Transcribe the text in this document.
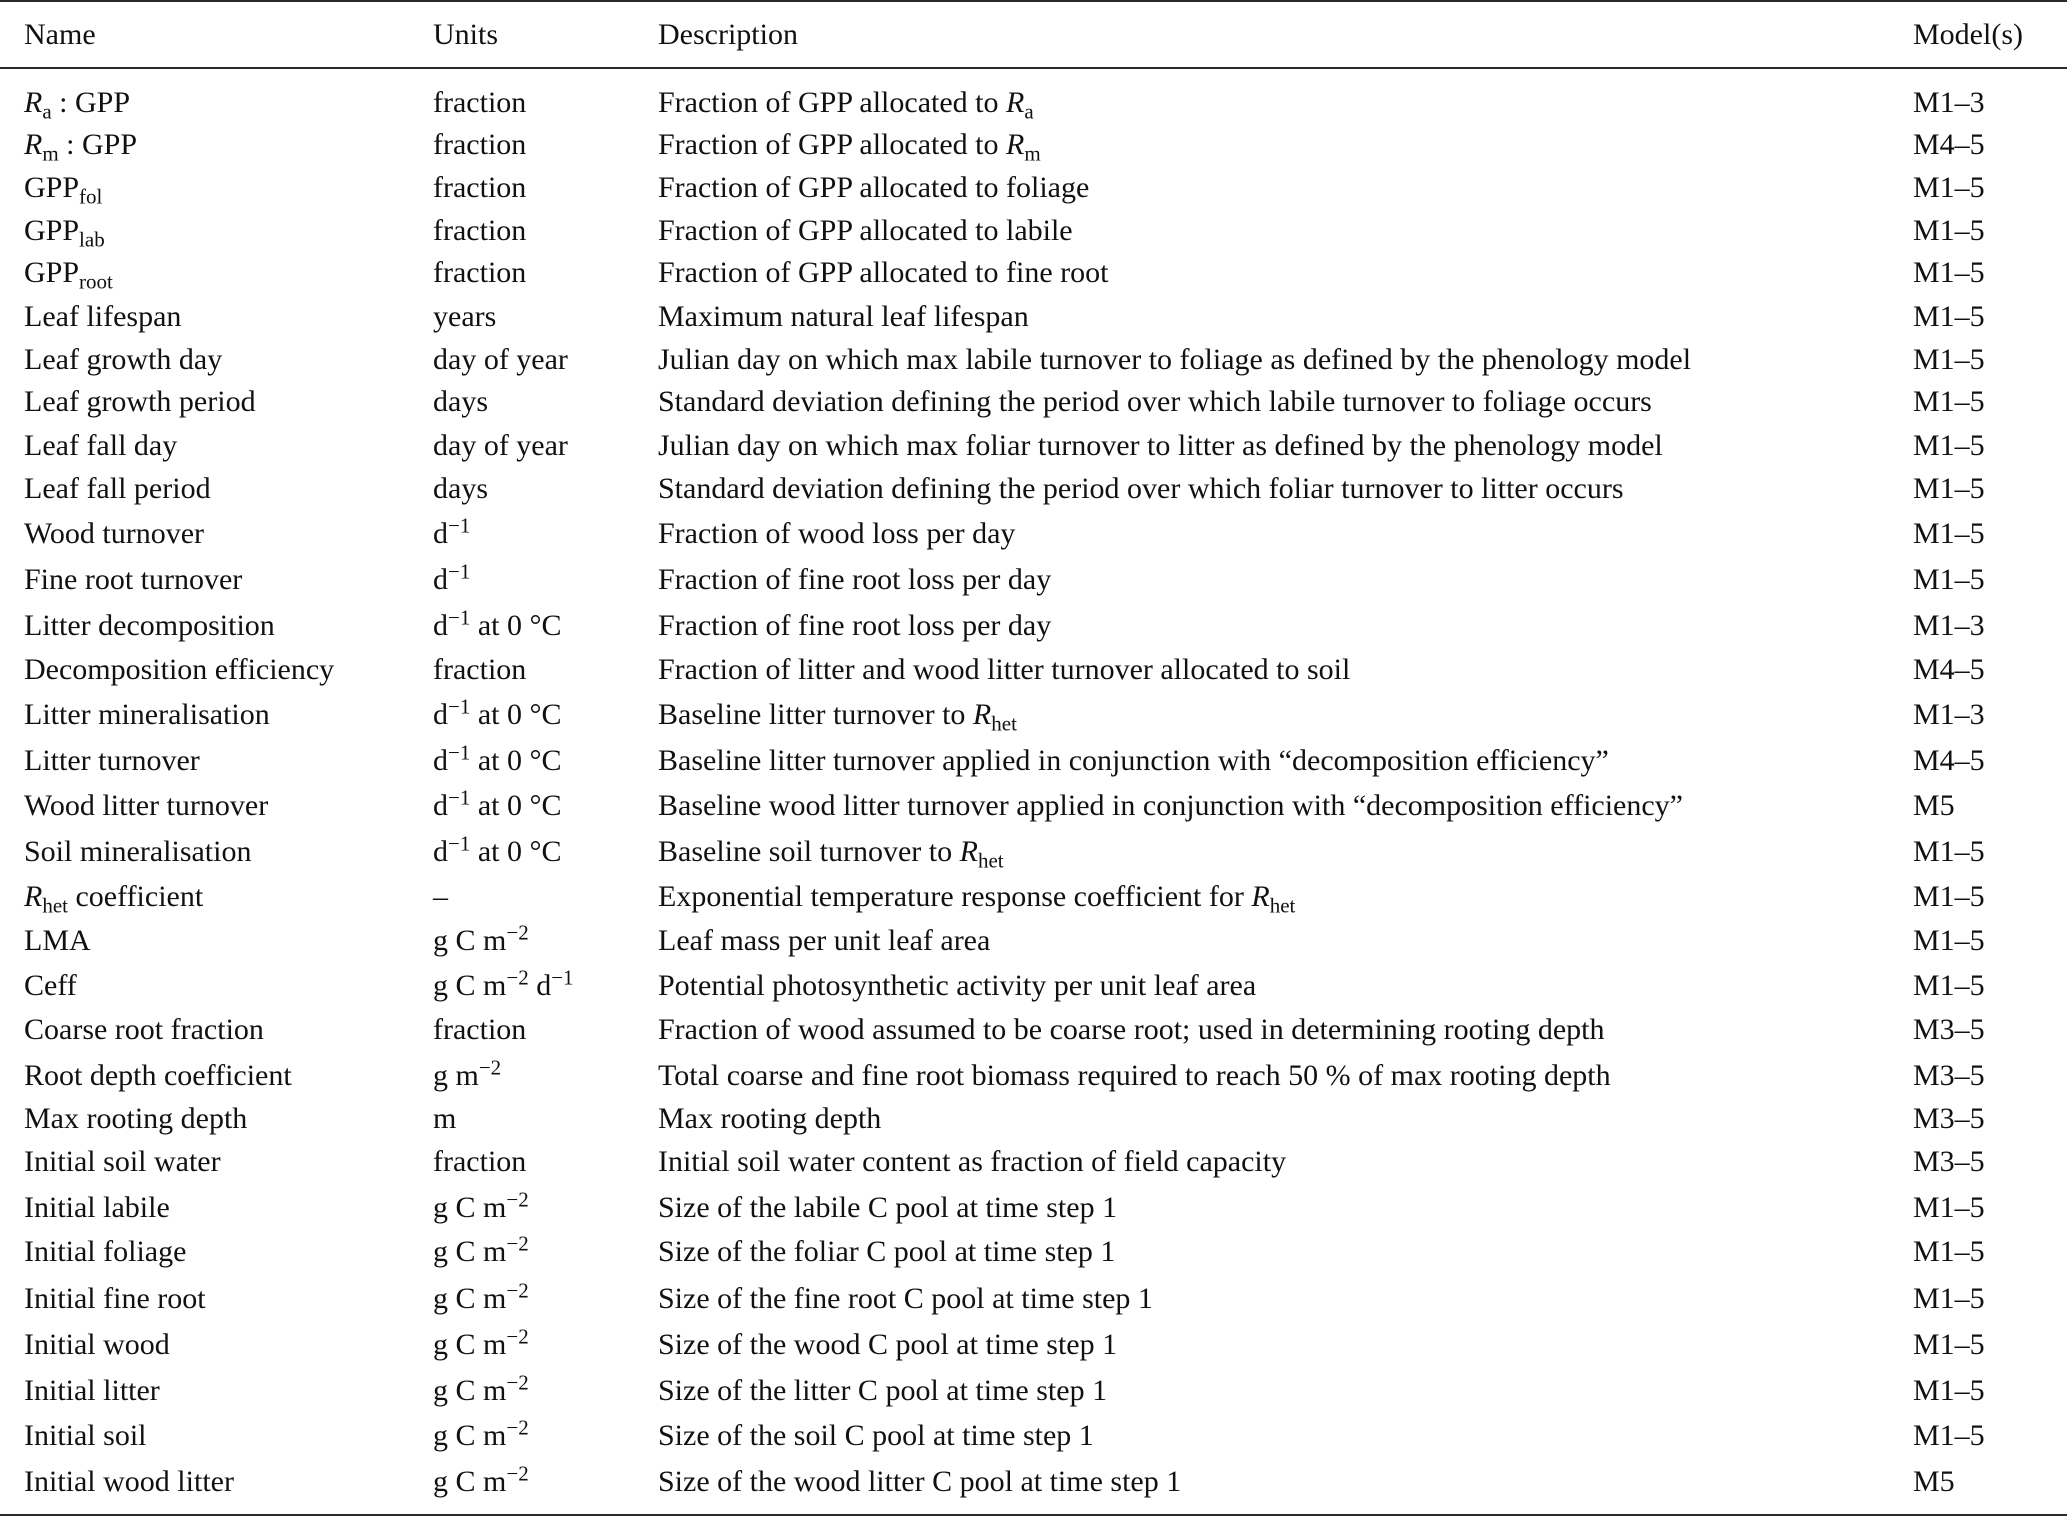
Name	Units	Description	Model(s)
$R_a$ : GPP	fraction	Fraction of GPP allocated to $R_a$	M1–3
$R_m$ : GPP	fraction	Fraction of GPP allocated to $R_m$	M4–5
$GPP_{fol}$	fraction	Fraction of GPP allocated to foliage	M1–5
$GPP_{lab}$	fraction	Fraction of GPP allocated to labile	M1–5
$GPP_{root}$	fraction	Fraction of GPP allocated to fine root	M1–5
Leaf lifespan	years	Maximum natural leaf lifespan	M1–5
Leaf growth day	day of year	Julian day on which max labile turnover to foliage as defined by the phenology model	M1–5
Leaf growth period	days	Standard deviation defining the period over which labile turnover to foliage occurs	M1–5
Leaf fall day	day of year	Julian day on which max foliar turnover to litter as defined by the phenology model	M1–5
Leaf fall period	days	Standard deviation defining the period over which foliar turnover to litter occurs	M1–5
Wood turnover	$d^{-1}$	Fraction of wood loss per day	M1–5
Fine root turnover	$d^{-1}$	Fraction of fine root loss per day	M1–5
Litter decomposition	$d^{-1}$ at 0 °C	Fraction of fine root loss per day	M1–3
Decomposition efficiency	fraction	Fraction of litter and wood litter turnover allocated to soil	M4–5
Litter mineralisation	$d^{-1}$ at 0 °C	Baseline litter turnover to $R_{het}$	M1–3
Litter turnover	$d^{-1}$ at 0 °C	Baseline litter turnover applied in conjunction with “decomposition efficiency”	M4–5
Wood litter turnover	$d^{-1}$ at 0 °C	Baseline wood litter turnover applied in conjunction with “decomposition efficiency”	M5
Soil mineralisation	$d^{-1}$ at 0 °C	Baseline soil turnover to $R_{het}$	M1–5
$R_{het}$ coefficient	–	Exponential temperature response coefficient for $R_{het}$	M1–5
LMA	g C $m^{-2}$	Leaf mass per unit leaf area	M1–5
Ceff	g C $m^{-2}$ $d^{-1}$	Potential photosynthetic activity per unit leaf area	M1–5
Coarse root fraction	fraction	Fraction of wood assumed to be coarse root; used in determining rooting depth	M3–5
Root depth coefficient	g $m^{-2}$	Total coarse and fine root biomass required to reach 50 % of max rooting depth	M3–5
Max rooting depth	m	Max rooting depth	M3–5
Initial soil water	fraction	Initial soil water content as fraction of field capacity	M3–5
Initial labile	g C $m^{-2}$	Size of the labile C pool at time step 1	M1–5
Initial foliage	g C $m^{-2}$	Size of the foliar C pool at time step 1	M1–5
Initial fine root	g C $m^{-2}$	Size of the fine root C pool at time step 1	M1–5
Initial wood	g C $m^{-2}$	Size of the wood C pool at time step 1	M1–5
Initial litter	g C $m^{-2}$	Size of the litter C pool at time step 1	M1–5
Initial soil	g C $m^{-2}$	Size of the soil C pool at time step 1	M1–5
Initial wood litter	g C $m^{-2}$	Size of the wood litter C pool at time step 1	M5
